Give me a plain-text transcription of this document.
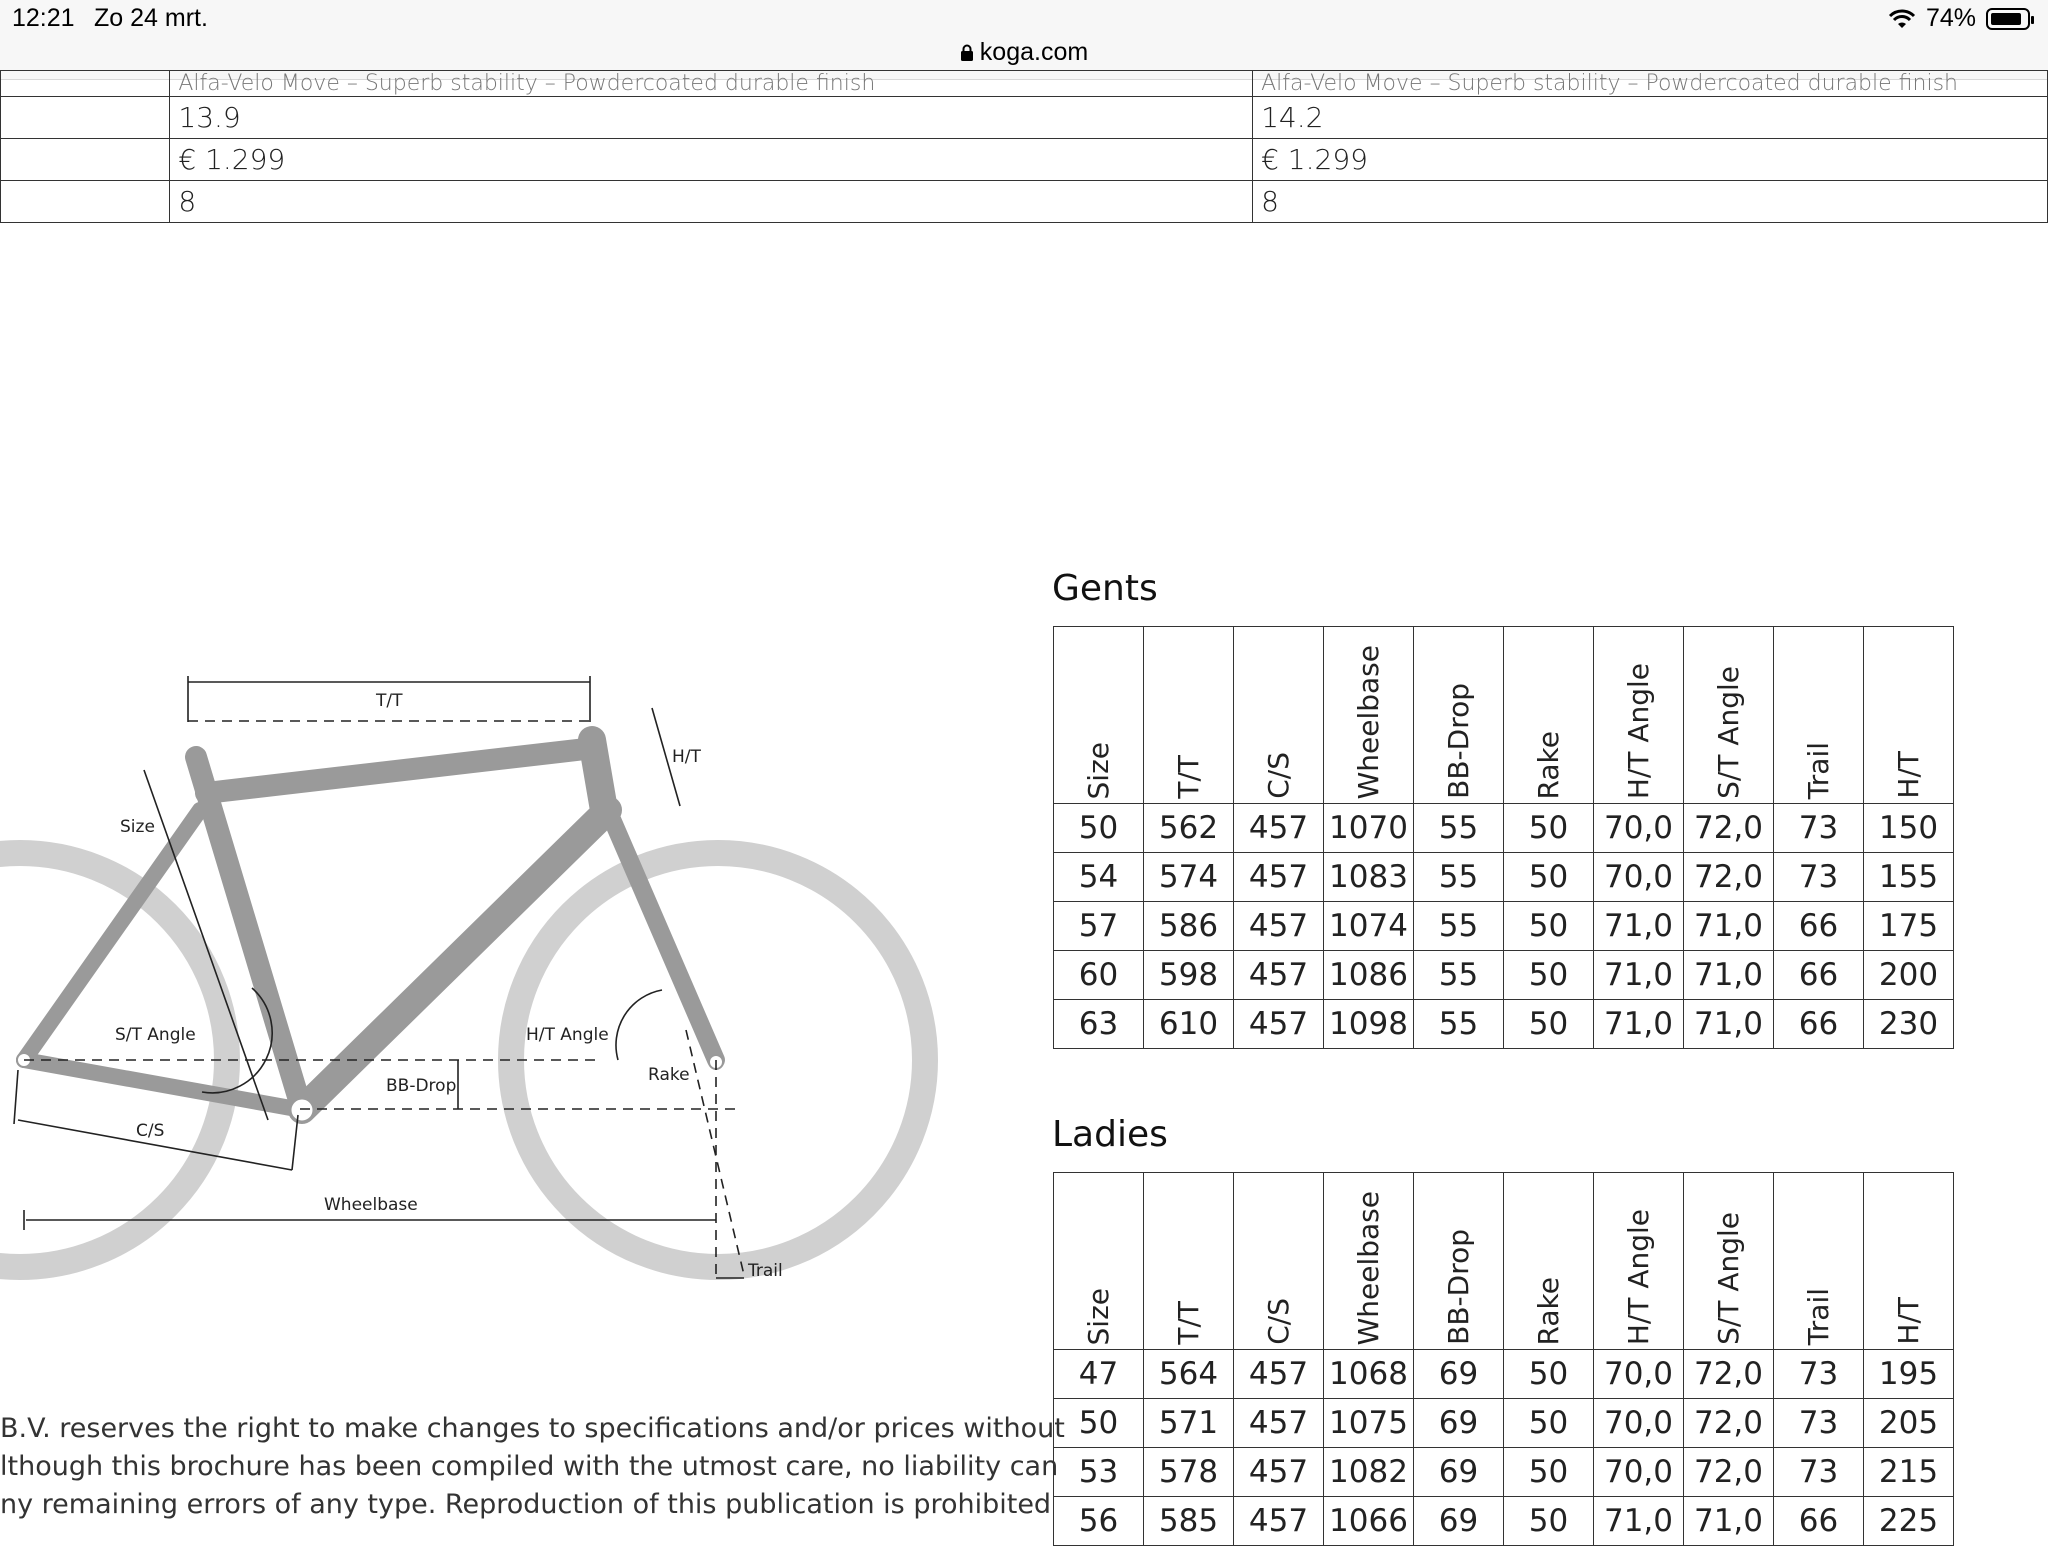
12:21 Zo 24 mrt.	74%
koga.com
	Alfa-Velo Move – Superb stability – Powdercoated durable finish	Alfa-Velo Move – Superb stability – Powdercoated durable finish
	13.9	14.2
	€ 1.299	€ 1.299
	8	8
T/T
H/T
Size
S/T Angle	H/T Angle
BB-Drop
Rake
C/S
Wheelbase
Trail
Gents
Size	T/T	C/S	Wheelbase	BB-Drop	Rake	H/T Angle	S/T Angle	Trail	H/T
50	562	457	1070	55	50	70,0	72,0	73	150
54	574	457	1083	55	50	70,0	72,0	73	155
57	586	457	1074	55	50	71,0	71,0	66	175
60	598	457	1086	55	50	71,0	71,0	66	200
63	610	457	1098	55	50	71,0	71,0	66	230
Ladies
Size	T/T	C/S	Wheelbase	BB-Drop	Rake	H/T Angle	S/T Angle	Trail	H/T
47	564	457	1068	69	50	70,0	72,0	73	195
50	571	457	1075	69	50	70,0	72,0	73	205
53	578	457	1082	69	50	70,0	72,0	73	215
56	585	457	1066	69	50	71,0	71,0	66	225
B.V. reserves the right to make changes to specifications and/or prices without
lthough this brochure has been compiled with the utmost care, no liability can
ny remaining errors of any type. Reproduction of this publication is prohibited
